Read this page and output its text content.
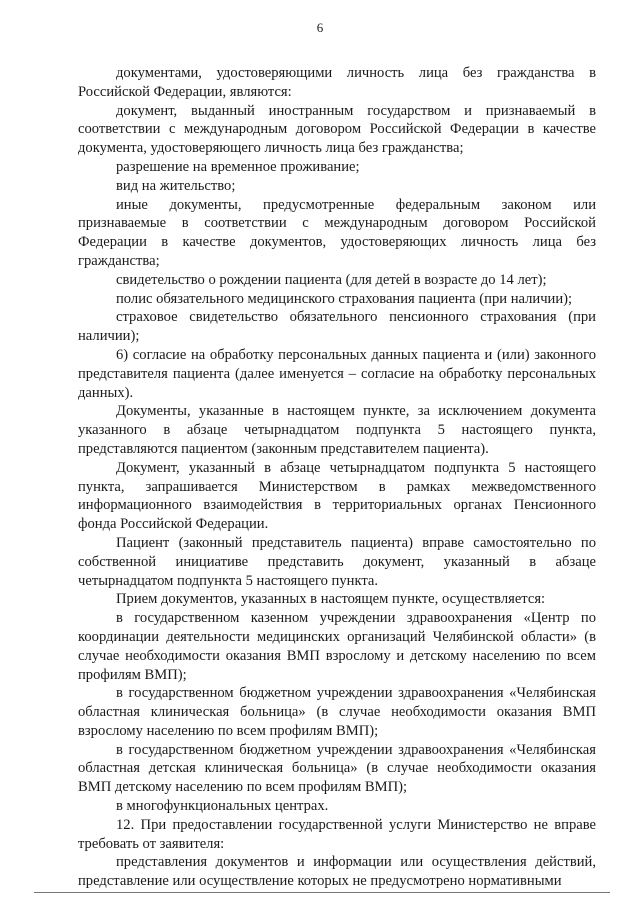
6

документами, удостоверяющими личность лица без гражданства в Российской Федерации, являются:

документ, выданный иностранным государством и признаваемый в соответствии с международным договором Российской Федерации в качестве документа, удостоверяющего личность лица без гражданства;

разрешение на временное проживание;

вид на жительство;

иные документы, предусмотренные федеральным законом или признаваемые в соответствии с международным договором Российской Федерации в качестве документов, удостоверяющих личность лица без гражданства;

свидетельство о рождении пациента (для детей в возрасте до 14 лет);

полис обязательного медицинского страхования пациента (при наличии);

страховое свидетельство обязательного пенсионного страхования (при наличии);

6) согласие на обработку персональных данных пациента и (или) законного представителя пациента (далее именуется – согласие на обработку персональных данных).

Документы, указанные в настоящем пункте, за исключением документа указанного в абзаце четырнадцатом подпункта 5 настоящего пункта, представляются пациентом (законным представителем пациента).

Документ, указанный в абзаце четырнадцатом подпункта 5 настоящего пункта, запрашивается Министерством в рамках межведомственного информационного взаимодействия в территориальных органах Пенсионного фонда Российской Федерации.

Пациент (законный представитель пациента) вправе самостоятельно по собственной инициативе представить документ, указанный в абзаце четырнадцатом подпункта 5 настоящего пункта.

Прием документов, указанных в настоящем пункте, осуществляется:

в государственном казенном учреждении здравоохранения «Центр по координации деятельности медицинских организаций Челябинской области» (в случае необходимости оказания ВМП взрослому и детскому населению по всем профилям ВМП);

в государственном бюджетном учреждении здравоохранения «Челябинская областная клиническая больница» (в случае необходимости оказания ВМП взрослому населению по всем профилям ВМП);

в государственном бюджетном учреждении здравоохранения «Челябинская областная детская клиническая больница» (в случае необходимости оказания ВМП детскому населению по всем профилям ВМП);

в многофункциональных центрах.

12. При предоставлении государственной услуги Министерство не вправе требовать от заявителя:

представления документов и информации или осуществления действий, представление или осуществление которых не предусмотрено нормативными
